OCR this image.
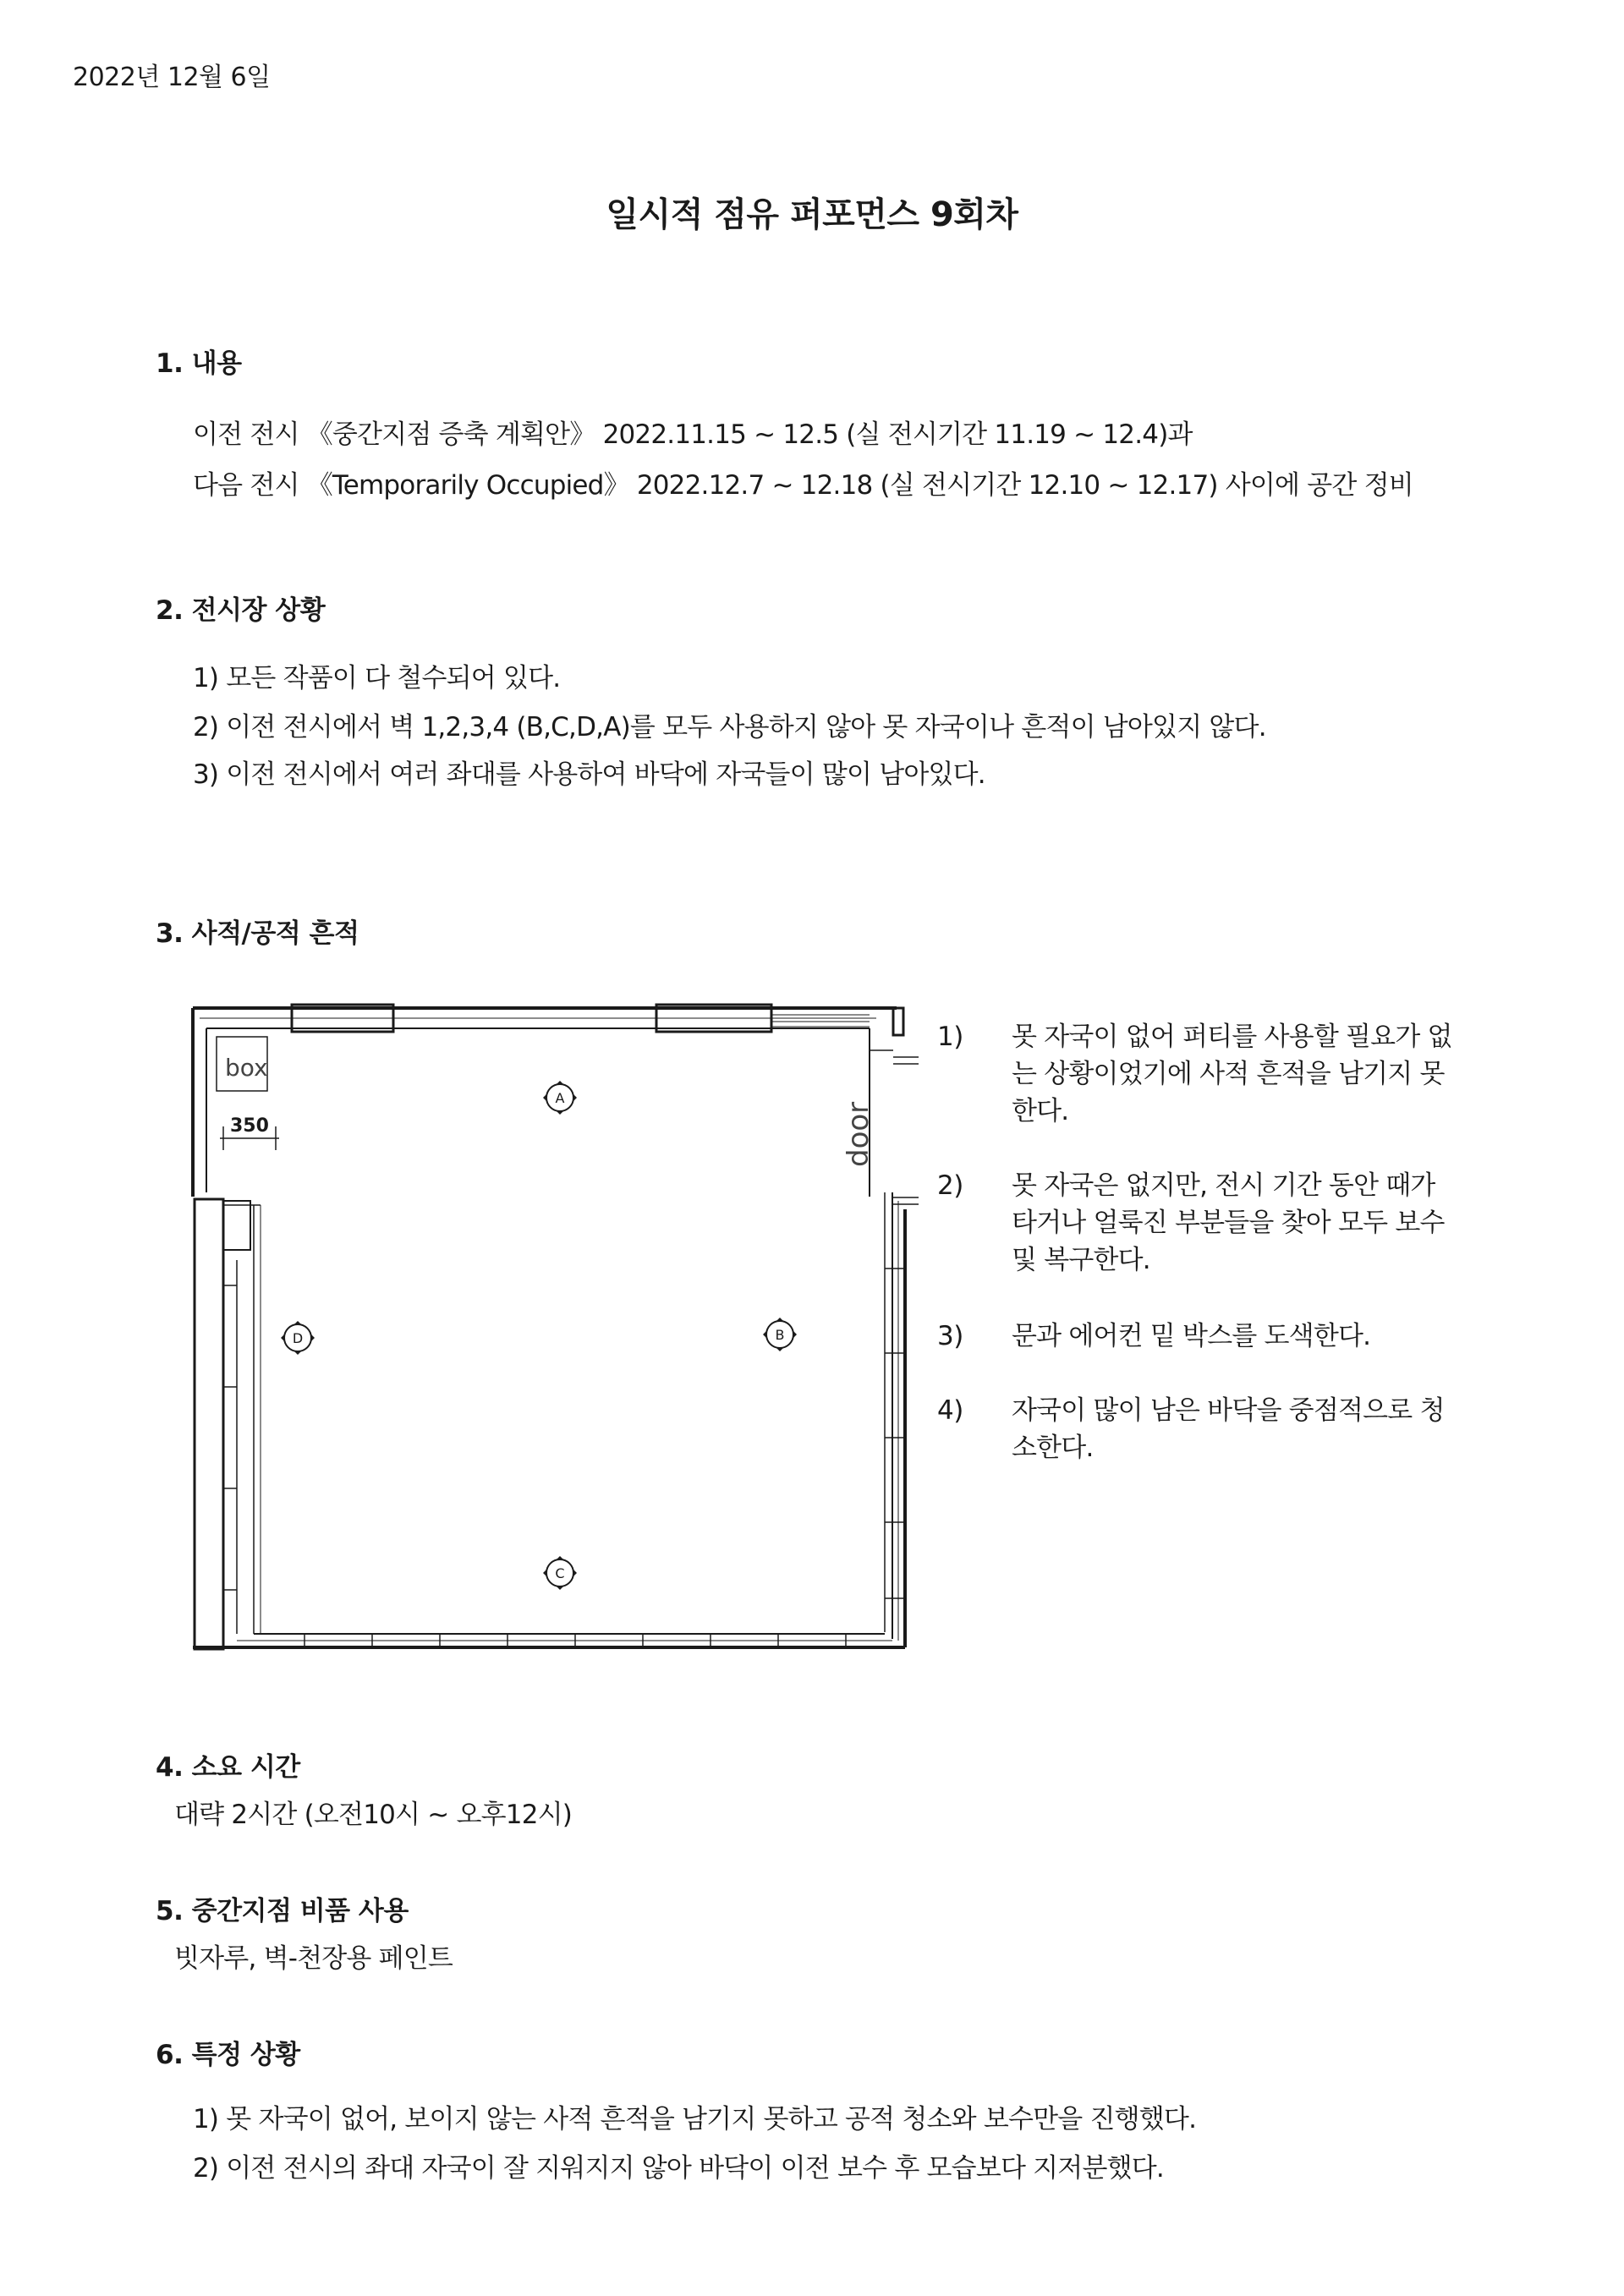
2022년 12월 6일
일시적 점유 퍼포먼스 9회차
1. 내용
이전 전시 《중간지점 증축 계획안》 2022.11.15 ~ 12.5 (실 전시기간 11.19 ~ 12.4)과
다음 전시 《Temporarily Occupied》 2022.12.7 ~ 12.18 (실 전시기간 12.10 ~ 12.17) 사이에 공간 정비
2. 전시장 상황
1) 모든 작품이 다 철수되어 있다.
2) 이전 전시에서 벽 1,2,3,4 (B,C,D,A)를 모두 사용하지 않아 못 자국이나 흔적이 남아있지 않다.
3) 이전 전시에서 여러 좌대를 사용하여 바닥에 자국들이 많이 남아있다.
3. 사적/공적 흔적
box
350	door
A
B
C
D
1) 못 자국이 없어 퍼티를 사용할 필요가 없는 상황이었기에 사적 흔적을 남기지 못한다.
2) 못 자국은 없지만, 전시 기간 동안 때가 타거나 얼룩진 부분들을 찾아 모두 보수 및 복구한다.
3) 문과 에어컨 밑 박스를 도색한다.
4) 자국이 많이 남은 바닥을 중점적으로 청소한다.
4. 소요 시간
대략 2시간 (오전10시 ~ 오후12시)
5. 중간지점 비품 사용
빗자루, 벽-천장용 페인트
6. 특정 상황
1) 못 자국이 없어, 보이지 않는 사적 흔적을 남기지 못하고 공적 청소와 보수만을 진행했다.
2) 이전 전시의 좌대 자국이 잘 지워지지 않아 바닥이 이전 보수 후 모습보다 지저분했다.
